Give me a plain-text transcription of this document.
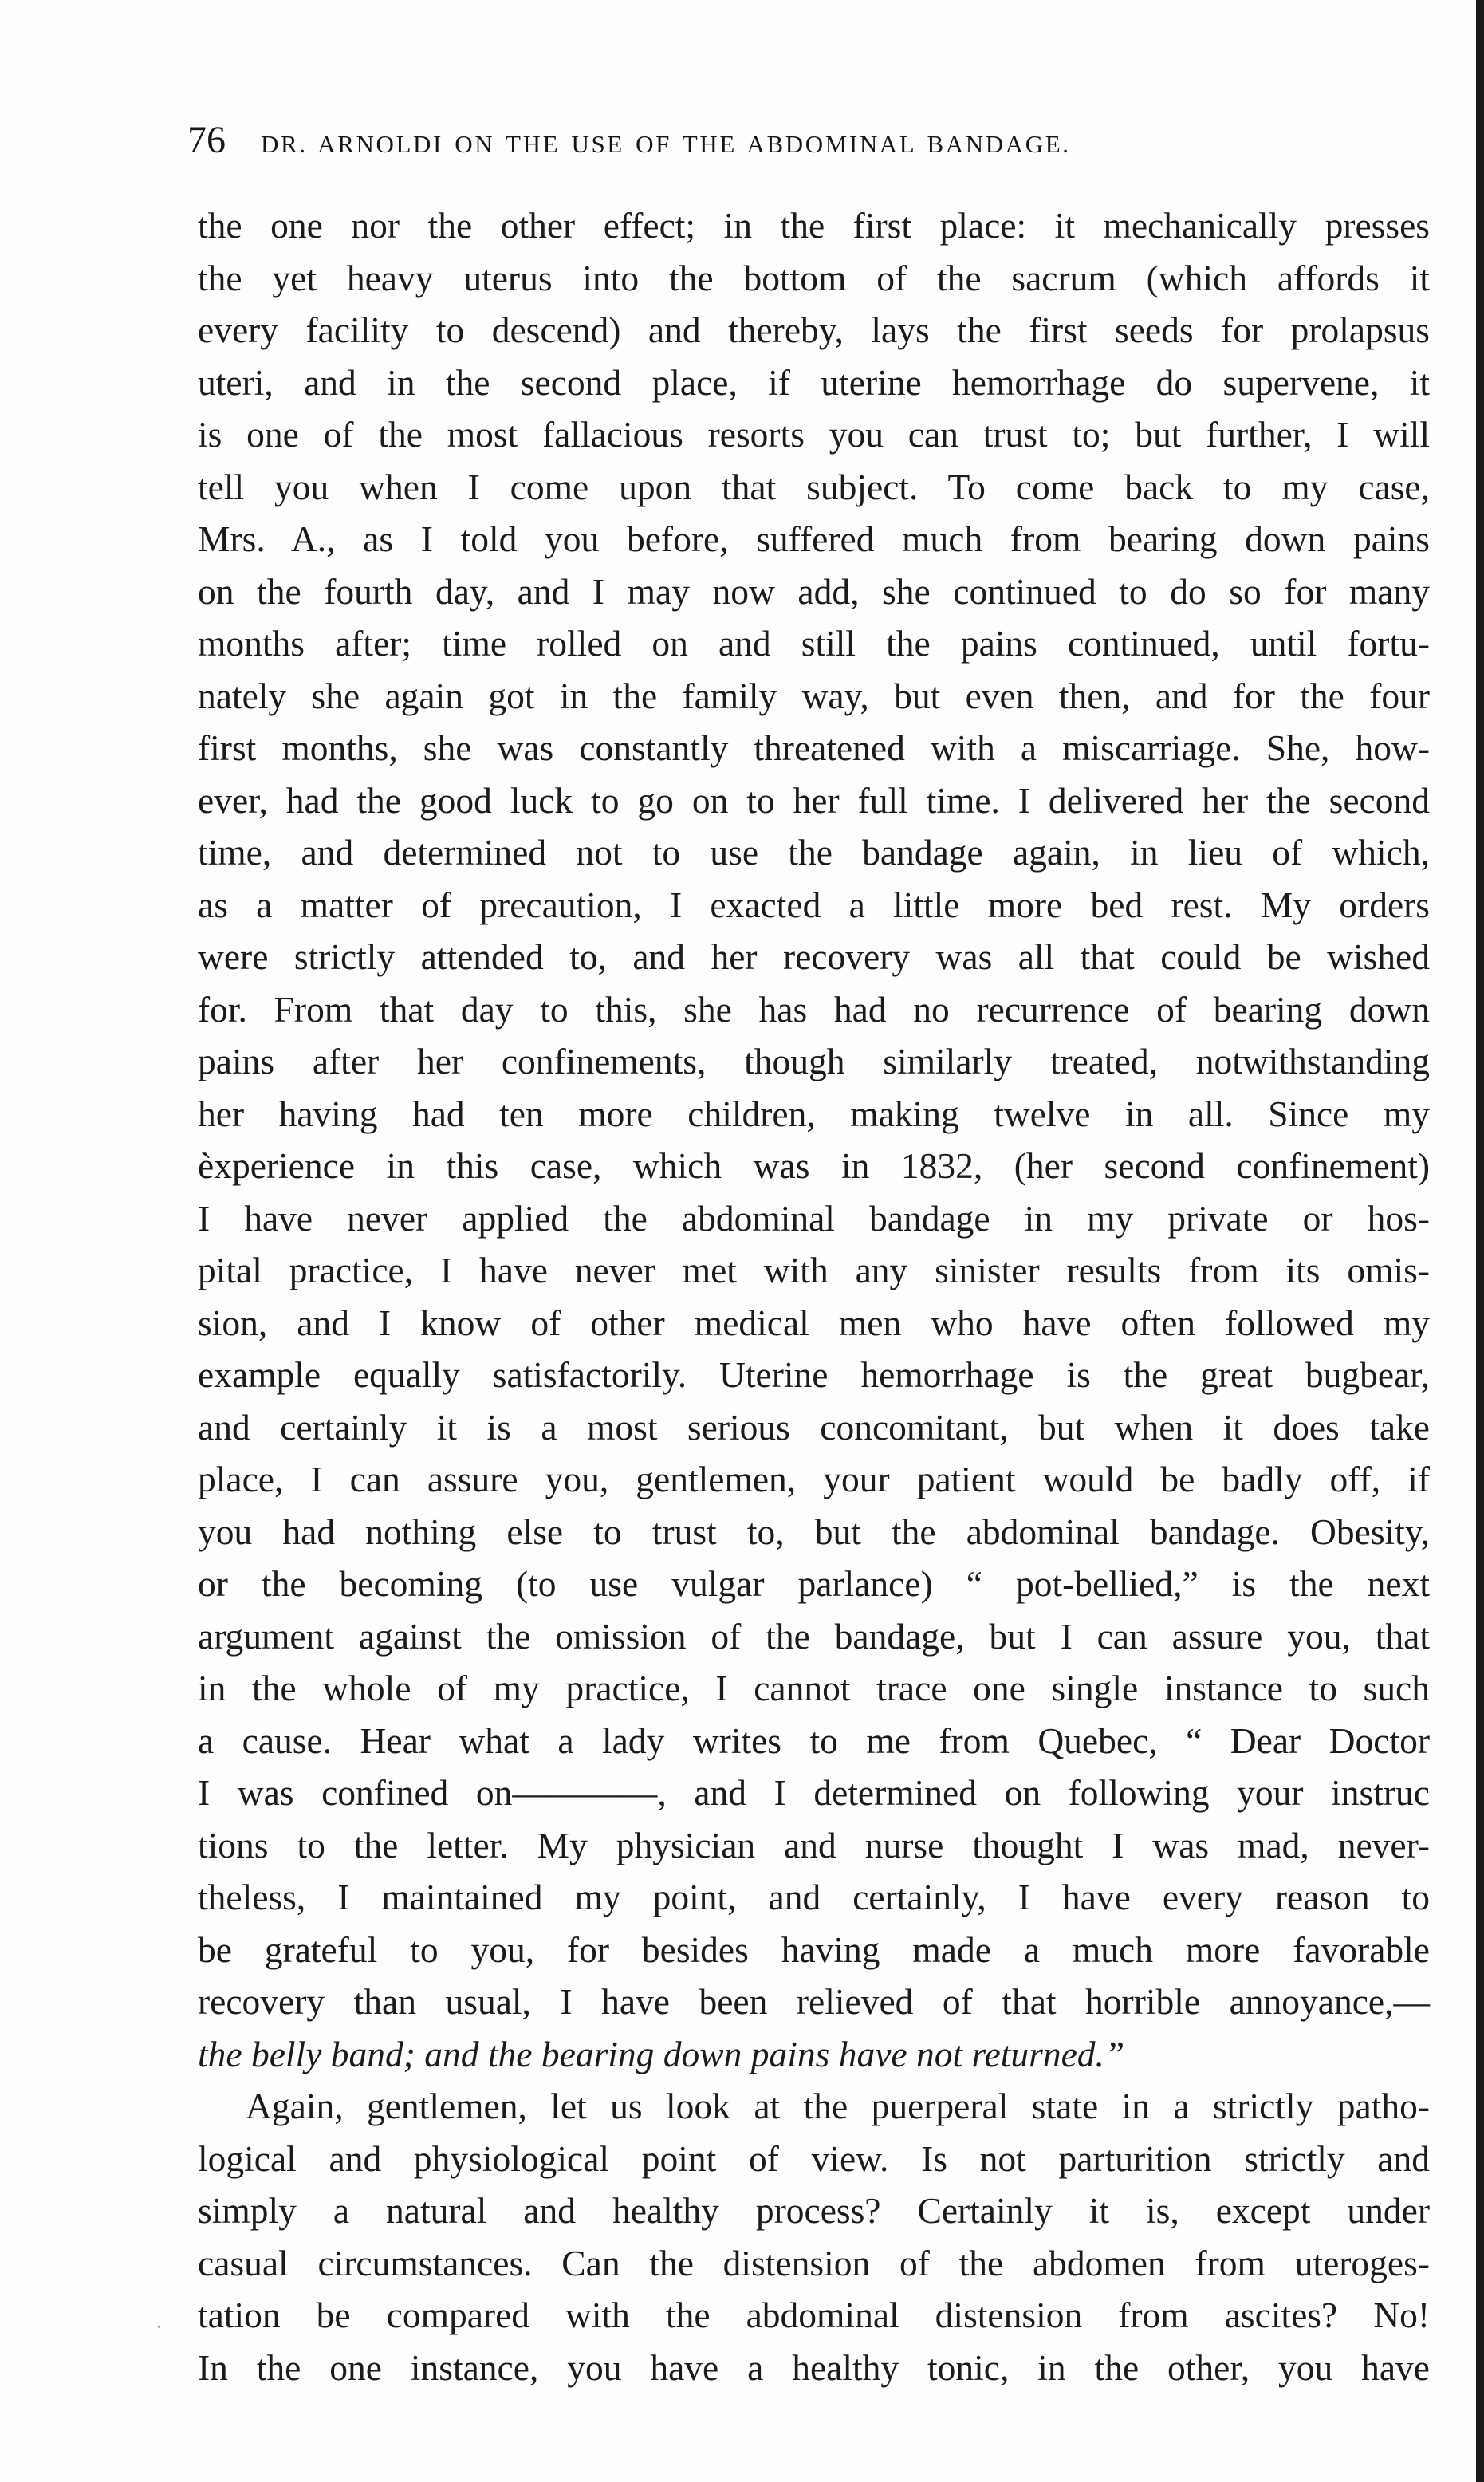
76 DR. ARNOLDI ON THE USE OF THE ABDOMINAL BANDAGE.
the one nor the other effect; in the first place: it mechanically presses
the yet heavy uterus into the bottom of the sacrum (which affords it
every facility to descend) and thereby, lays the first seeds for prolapsus
uteri, and in the second place, if uterine hemorrhage do supervene, it
is one of the most fallacious resorts you can trust to; but further, I will
tell you when I come upon that subject. To come back to my case,
Mrs. A., as I told you before, suffered much from bearing down pains
on the fourth day, and I may now add, she continued to do so for many
months after; time rolled on and still the pains continued, until fortu-
nately she again got in the family way, but even then, and for the four
first months, she was constantly threatened with a miscarriage. She, how-
ever, had the good luck to go on to her full time. I delivered her the second
time, and determined not to use the bandage again, in lieu of which,
as a matter of precaution, I exacted a little more bed rest. My orders
were strictly attended to, and her recovery was all that could be wished
for. From that day to this, she has had no recurrence of bearing down
pains after her confinements, though similarly treated, notwithstanding
her having had ten more children, making twelve in all. Since my
èxperience in this case, which was in 1832, (her second confinement)
I have never applied the abdominal bandage in my private or hos-
pital practice, I have never met with any sinister results from its omis-
sion, and I know of other medical men who have often followed my
example equally satisfactorily. Uterine hemorrhage is the great bugbear,
and certainly it is a most serious concomitant, but when it does take
place, I can assure you, gentlemen, your patient would be badly off, if
you had nothing else to trust to, but the abdominal bandage. Obesity,
or the becoming (to use vulgar parlance) “ pot-bellied,” is the next
argument against the omission of the bandage, but I can assure you, that
in the whole of my practice, I cannot trace one single instance to such
a cause. Hear what a lady writes to me from Quebec, “ Dear Doctor
I was confined on————, and I determined on following your instruc
tions to the letter. My physician and nurse thought I was mad, never-
theless, I maintained my point, and certainly, I have every reason to
be grateful to you, for besides having made a much more favorable
recovery than usual, I have been relieved of that horrible annoyance,—
the belly band; and the bearing down pains have not returned.”
Again, gentlemen, let us look at the puerperal state in a strictly patho-
logical and physiological point of view. Is not parturition strictly and
simply a natural and healthy process? Certainly it is, except under
casual circumstances. Can the distension of the abdomen from uteroges-
tation be compared with the abdominal distension from ascites? No!
In the one instance, you have a healthy tonic, in the other, you have
